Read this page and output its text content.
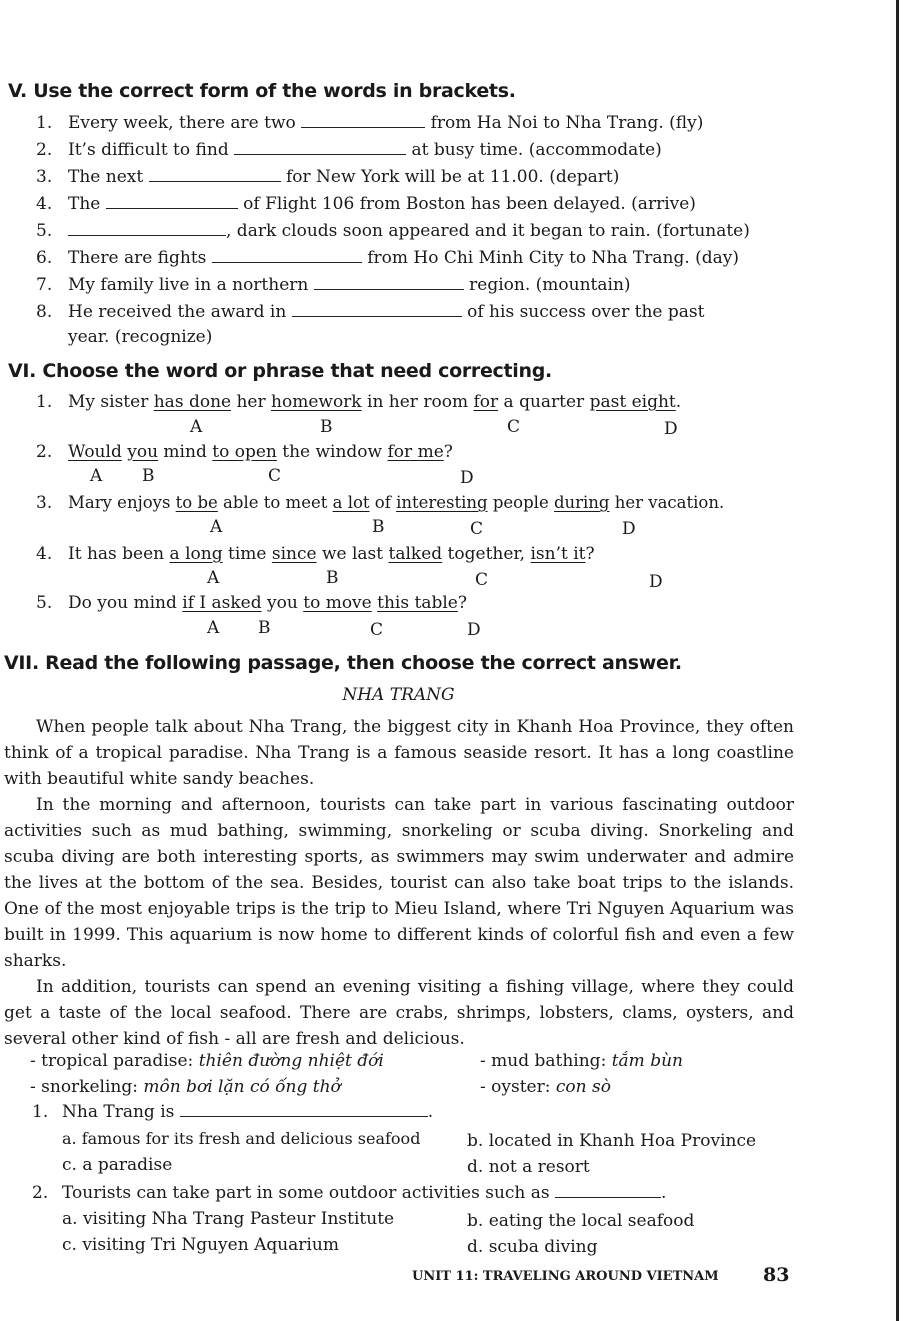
V. Use the correct form of the words in brackets.
1. Every week, there are two	from Ha Noi to Nha Trang. (fly)
2. It’s difficult to find	at busy time. (accommodate)
3. The next	for New York will be at 11.00. (depart)
4. The	of Flight 106 from Boston has been delayed. (arrive)
5.	, dark clouds soon appeared and it began to rain. (fortunate)
6. There are fights	from Ho Chi Minh City to Nha Trang. (day)
7. My family live in a northern	region. (mountain)
8. He received the award in	of his success over the past
year. (recognize)
VI. Choose the word or phrase that need correcting.
1. My sister has done her homework in her room for a quarter past eight.
A	B	C	D
2. Would you mind to open the window for me?
A B	C	D
3. Mary enjoys to be able to meet a lot of interesting people during her vacation.
A	B	C	D
4. It has been a long time since we last talked together, isn’t it?
A	B	C	D
5. Do you mind if I asked you to move this table?
A B	C	D
VII. Read the following passage, then choose the correct answer.
NHA TRANG

When people talk about Nha Trang, the biggest city in Khanh Hoa Province, they often think of a tropical paradise. Nha Trang is a famous seaside resort. It has a long coastline with beautiful white sandy beaches.

In the morning and afternoon, tourists can take part in various fascinating outdoor activities such as mud bathing, swimming, snorkeling or scuba diving. Snorkeling and scuba diving are both interesting sports, as swimmers may swim underwater and admire the lives at the bottom of the sea. Besides, tourist can also take boat trips to the islands. One of the most enjoyable trips is the trip to Mieu Island, where Tri Nguyen Aquarium was built in 1999. This aquarium is now home to different kinds of colorful fish and even a few sharks.

In addition, tourists can spend an evening visiting a fishing village, where they could get a taste of the local seafood. There are crabs, shrimps, lobsters, clams, oysters, and several other kind of fish - all are fresh and delicious.

- tropical paradise: thiên đường nhiệt đới	- mud bathing: tắm bùn
- snorkeling: môn bơi lặn có ống thở	- oyster: con sò
1. Nha Trang is	.
a. famous for its fresh and delicious seafood	b. located in Khanh Hoa Province
c. a paradise	d. not a resort
2. Tourists can take part in some outdoor activities such as	.
a. visiting Nha Trang Pasteur Institute	b. eating the local seafood
c. visiting Tri Nguyen Aquarium	d. scuba diving
UNIT 11: TRAVELING AROUND VIETNAM 83
